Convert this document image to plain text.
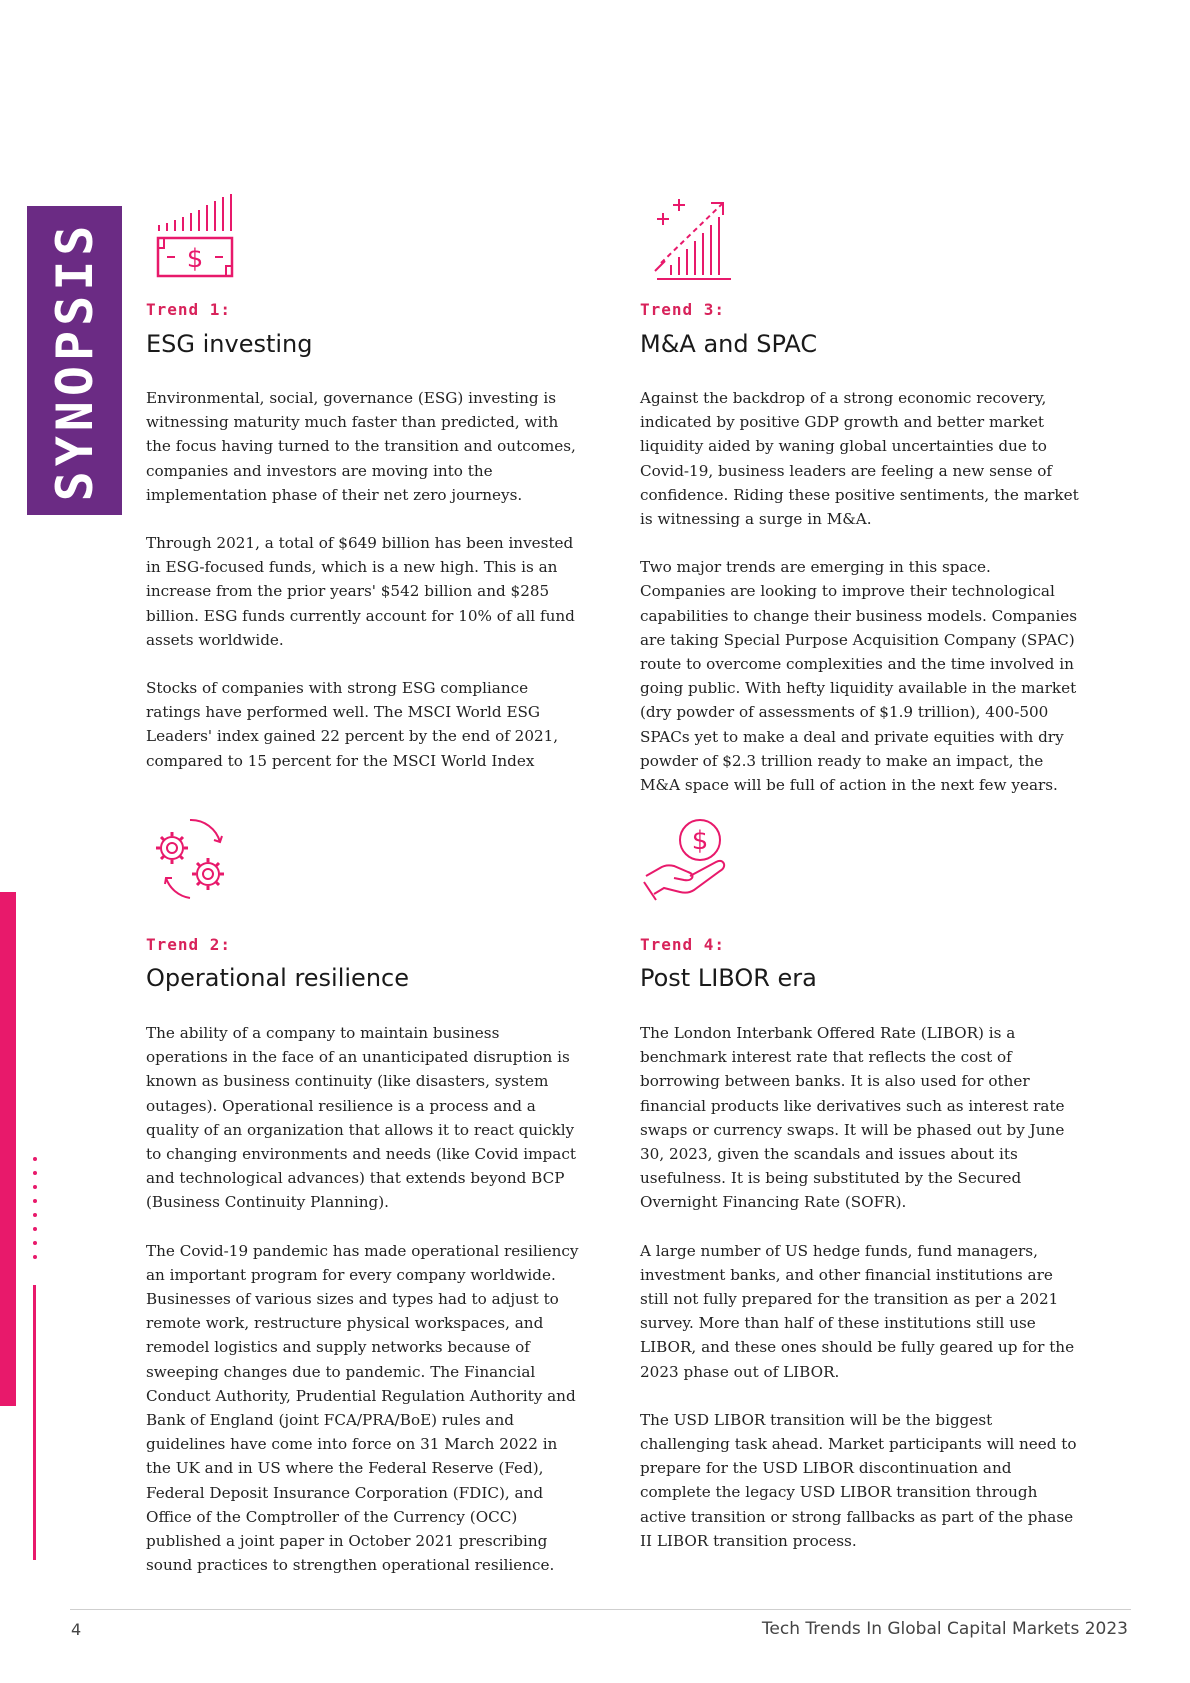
SYNOPSIS	$
Trend 1:
ESG investing

Environmental, social, governance (ESG) investing is witnessing maturity much faster than predicted, with the focus having turned to the transition and outcomes, companies and investors are moving into the implementation phase of their net zero journeys.

Through 2021, a total of $649 billion has been invested in ESG-focused funds, which is a new high. This is an increase from the prior years' $542 billion and $285 billion. ESG funds currently account for 10% of all fund assets worldwide.

Stocks of companies with strong ESG compliance ratings have performed well. The MSCI World ESG Leaders' index gained 22 percent by the end of 2021, compared to 15 percent for the MSCI World Index

Trend 3:
M&A and SPAC

Against the backdrop of a strong economic recovery, indicated by positive GDP growth and better market liquidity aided by waning global uncertainties due to Covid-19, business leaders are feeling a new sense of confidence. Riding these positive sentiments, the market is witnessing a surge in M&A.

Two major trends are emerging in this space. Companies are looking to improve their technological capabilities to change their business models. Companies are taking Special Purpose Acquisition Company (SPAC) route to overcome complexities and the time involved in going public. With hefty liquidity available in the market (dry powder of assessments of $1.9 trillion), 400-500 SPACs yet to make a deal and private equities with dry powder of $2.3 trillion ready to make an impact, the M&A space will be full of action in the next few years.

Trend 2:
Operational resilience

The ability of a company to maintain business operations in the face of an unanticipated disruption is known as business continuity (like disasters, system outages). Operational resilience is a process and a quality of an organization that allows it to react quickly to changing environments and needs (like Covid impact and technological advances) that extends beyond BCP (Business Continuity Planning).

The Covid-19 pandemic has made operational resiliency an important program for every company worldwide. Businesses of various sizes and types had to adjust to remote work, restructure physical workspaces, and remodel logistics and supply networks because of sweeping changes due to pandemic. The Financial Conduct Authority, Prudential Regulation Authority and Bank of England (joint FCA/PRA/BoE) rules and guidelines have come into force on 31 March 2022 in the UK and in US where the Federal Reserve (Fed), Federal Deposit Insurance Corporation (FDIC), and Office of the Comptroller of the Currency (OCC) published a joint paper in October 2021 prescribing sound practices to strengthen operational resilience.

$
Trend 4:
Post LIBOR era

The London Interbank Offered Rate (LIBOR) is a benchmark interest rate that reflects the cost of borrowing between banks. It is also used for other financial products like derivatives such as interest rate swaps or currency swaps. It will be phased out by June 30, 2023, given the scandals and issues about its usefulness. It is being substituted by the Secured Overnight Financing Rate (SOFR).

A large number of US hedge funds, fund managers, investment banks, and other financial institutions are still not fully prepared for the transition as per a 2021 survey. More than half of these institutions still use LIBOR, and these ones should be fully geared up for the 2023 phase out of LIBOR.

The USD LIBOR transition will be the biggest challenging task ahead. Market participants will need to prepare for the USD LIBOR discontinuation and complete the legacy USD LIBOR transition through active transition or strong fallbacks as part of the phase II LIBOR transition process.

4	Tech Trends In Global Capital Markets 2023
